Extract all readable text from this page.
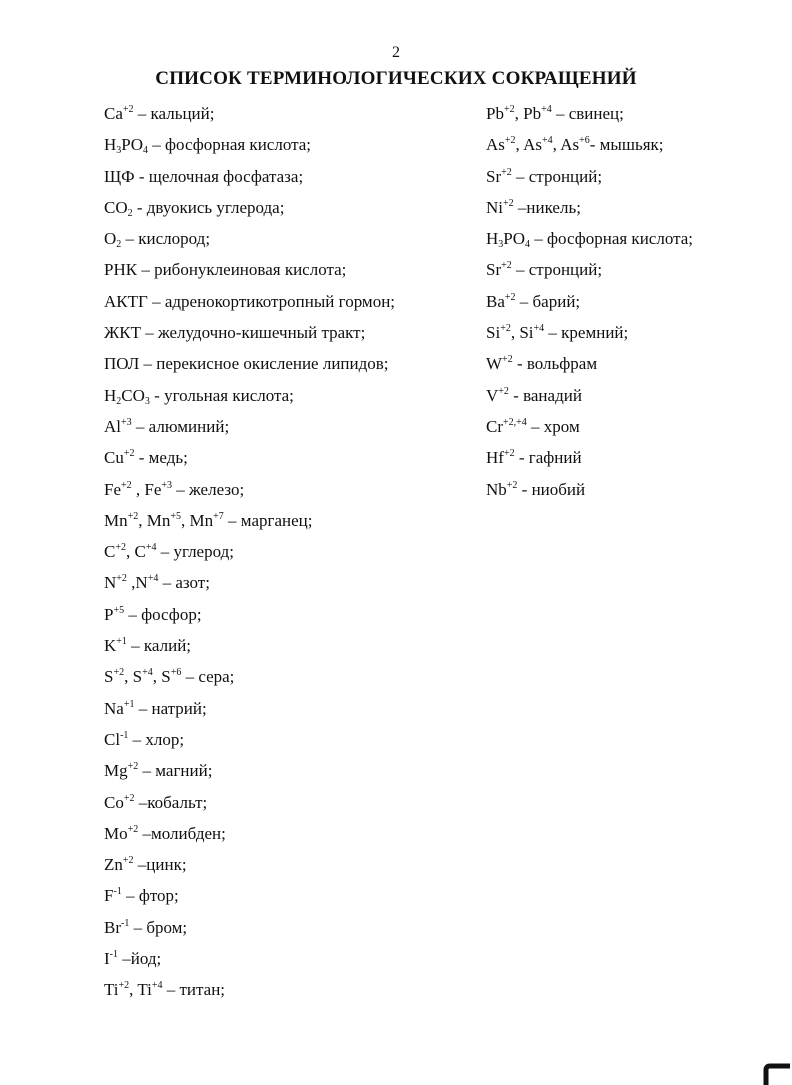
2
СПИСОК ТЕРМИНОЛОГИЧЕСКИХ СОКРАЩЕНИЙ
$Ca^{+2}$ – кальций;
$H_3PO_4$ – фосфорная кислота;
ЩФ - щелочная фосфатаза;
$CO_2$ - двуокись углерода;
$O_2$ – кислород;
РНК – рибонуклеиновая кислота;
АКТГ – адренокортикотропный гормон;
ЖКТ – желудочно-кишечный тракт;
ПОЛ – перекисное окисление липидов;
$H_2CO_3$ - угольная кислота;
$Al^{+3}$ – алюминий;
$Cu^{+2}$ - медь;
$Fe^{+2}$ , $Fe^{+3}$ – железо;
$Mn^{+2}$, $Mn^{+5}$, $Mn^{+7}$ – марганец;
$C^{+2}$, $C^{+4}$ – углерод;
$N^{+2}$ $,N^{+4}$ – азот;
$P^{+5}$ – фосфор;
$K^{+1}$ – калий;
$S^{+2}$, $S^{+4}$, $S^{+6}$ – сера;
$Na^{+1}$ – натрий;
$Cl^{-1}$ – хлор;
$Mg^{+2}$ – магний;
$Co^{+2}$ –кобальт;
$Mo^{+2}$ –молибден;
$Zn^{+2}$ –цинк;
$F^{-1}$ – фтор;
$Br^{-1}$ – бром;
$I^{-1}$ –йод;
$Ti^{+2}$, $Ti^{+4}$ – титан;
$Pb^{+2}$, $Pb^{+4}$ – свинец;
$As^{+2}$, $As^{+4}$, $As^{+6}-$ мышьяк;
$Sr^{+2}$ – стронций;
$Ni^{+2}$ –никель;
$H_3PO_4$ – фосфорная кислота;
$Sr^{+2}$ – стронций;
$Ba^{+2}$ – барий;
$Si^{+2}$, $Si^{+4}$ – кремний;
$W^{+2}$ - вольфрам
$V^{+2}$ - ванадий
$Cr^{+2,+4}$ – хром
$Hf^{+2}$ - гафний
$Nb^{+2}$ - ниобий
